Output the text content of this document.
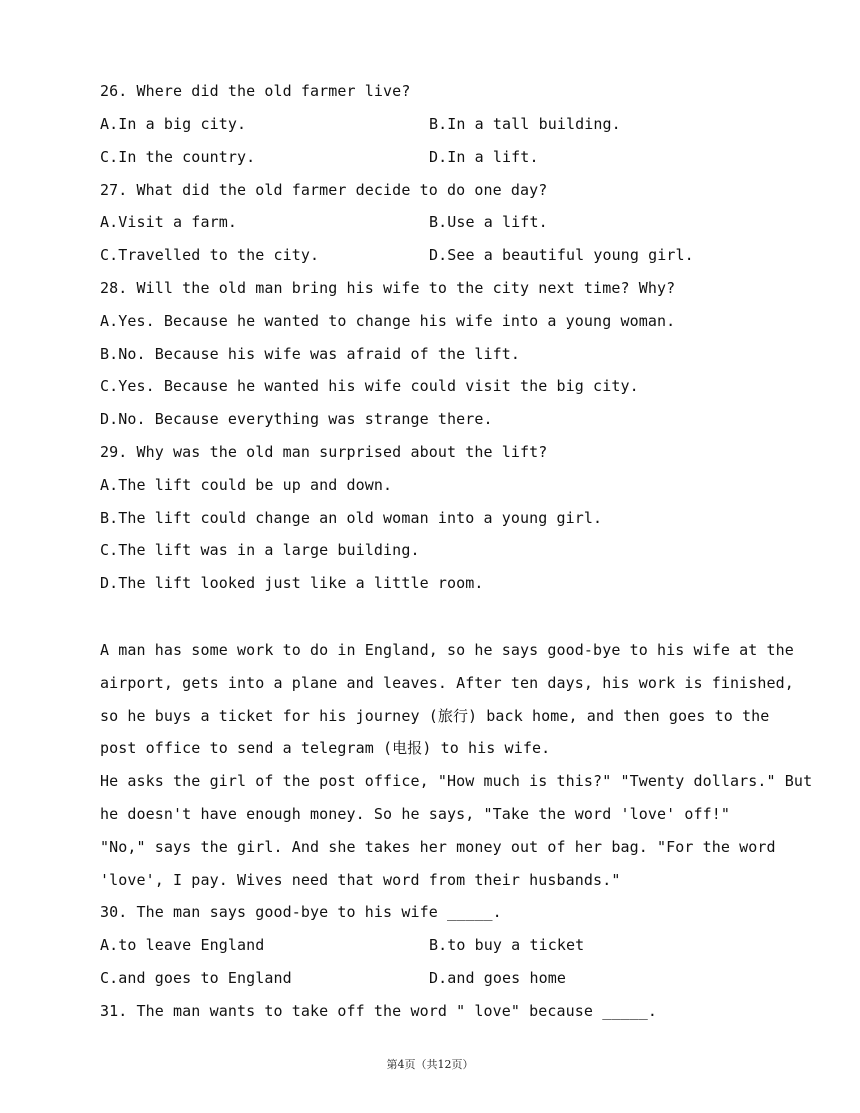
26. Where did the old farmer live?
A.In a big city.	B.In a tall building.
C.In the country.	D.In a lift.
27. What did the old farmer decide to do one day?
A.Visit a farm.	B.Use a lift.
C.Travelled to the city.	D.See a beautiful young girl.
28. Will the old man bring his wife to the city next time? Why?
A.Yes. Because he wanted to change his wife into a young woman.
B.No. Because his wife was afraid of the lift.
C.Yes. Because he wanted his wife could visit the big city.
D.No. Because everything was strange there.
29. Why was the old man surprised about the lift?
A.The lift could be up and down.
B.The lift could change an old woman into a young girl.
C.The lift was in a large building.
D.The lift looked just like a little room.
A man has some work to do in England, so he says good-bye to his wife at the
airport, gets into a plane and leaves. After ten days, his work is finished,
so he buys a ticket for his journey (旅行) back home, and then goes to the
post office to send a telegram (电报) to his wife.
He asks the girl of the post office, "How much is this?" "Twenty dollars." But
he doesn't have enough money. So he says, "Take the word 'love' off!"
"No," says the girl. And she takes her money out of her bag. "For the word
'love', I pay. Wives need that word from their husbands."
30. The man says good-bye to his wife _____.
A.to leave England	B.to buy a ticket
C.and goes to England	D.and goes home
31. The man wants to take off the word " love" because _____.
第4页（共12页）
